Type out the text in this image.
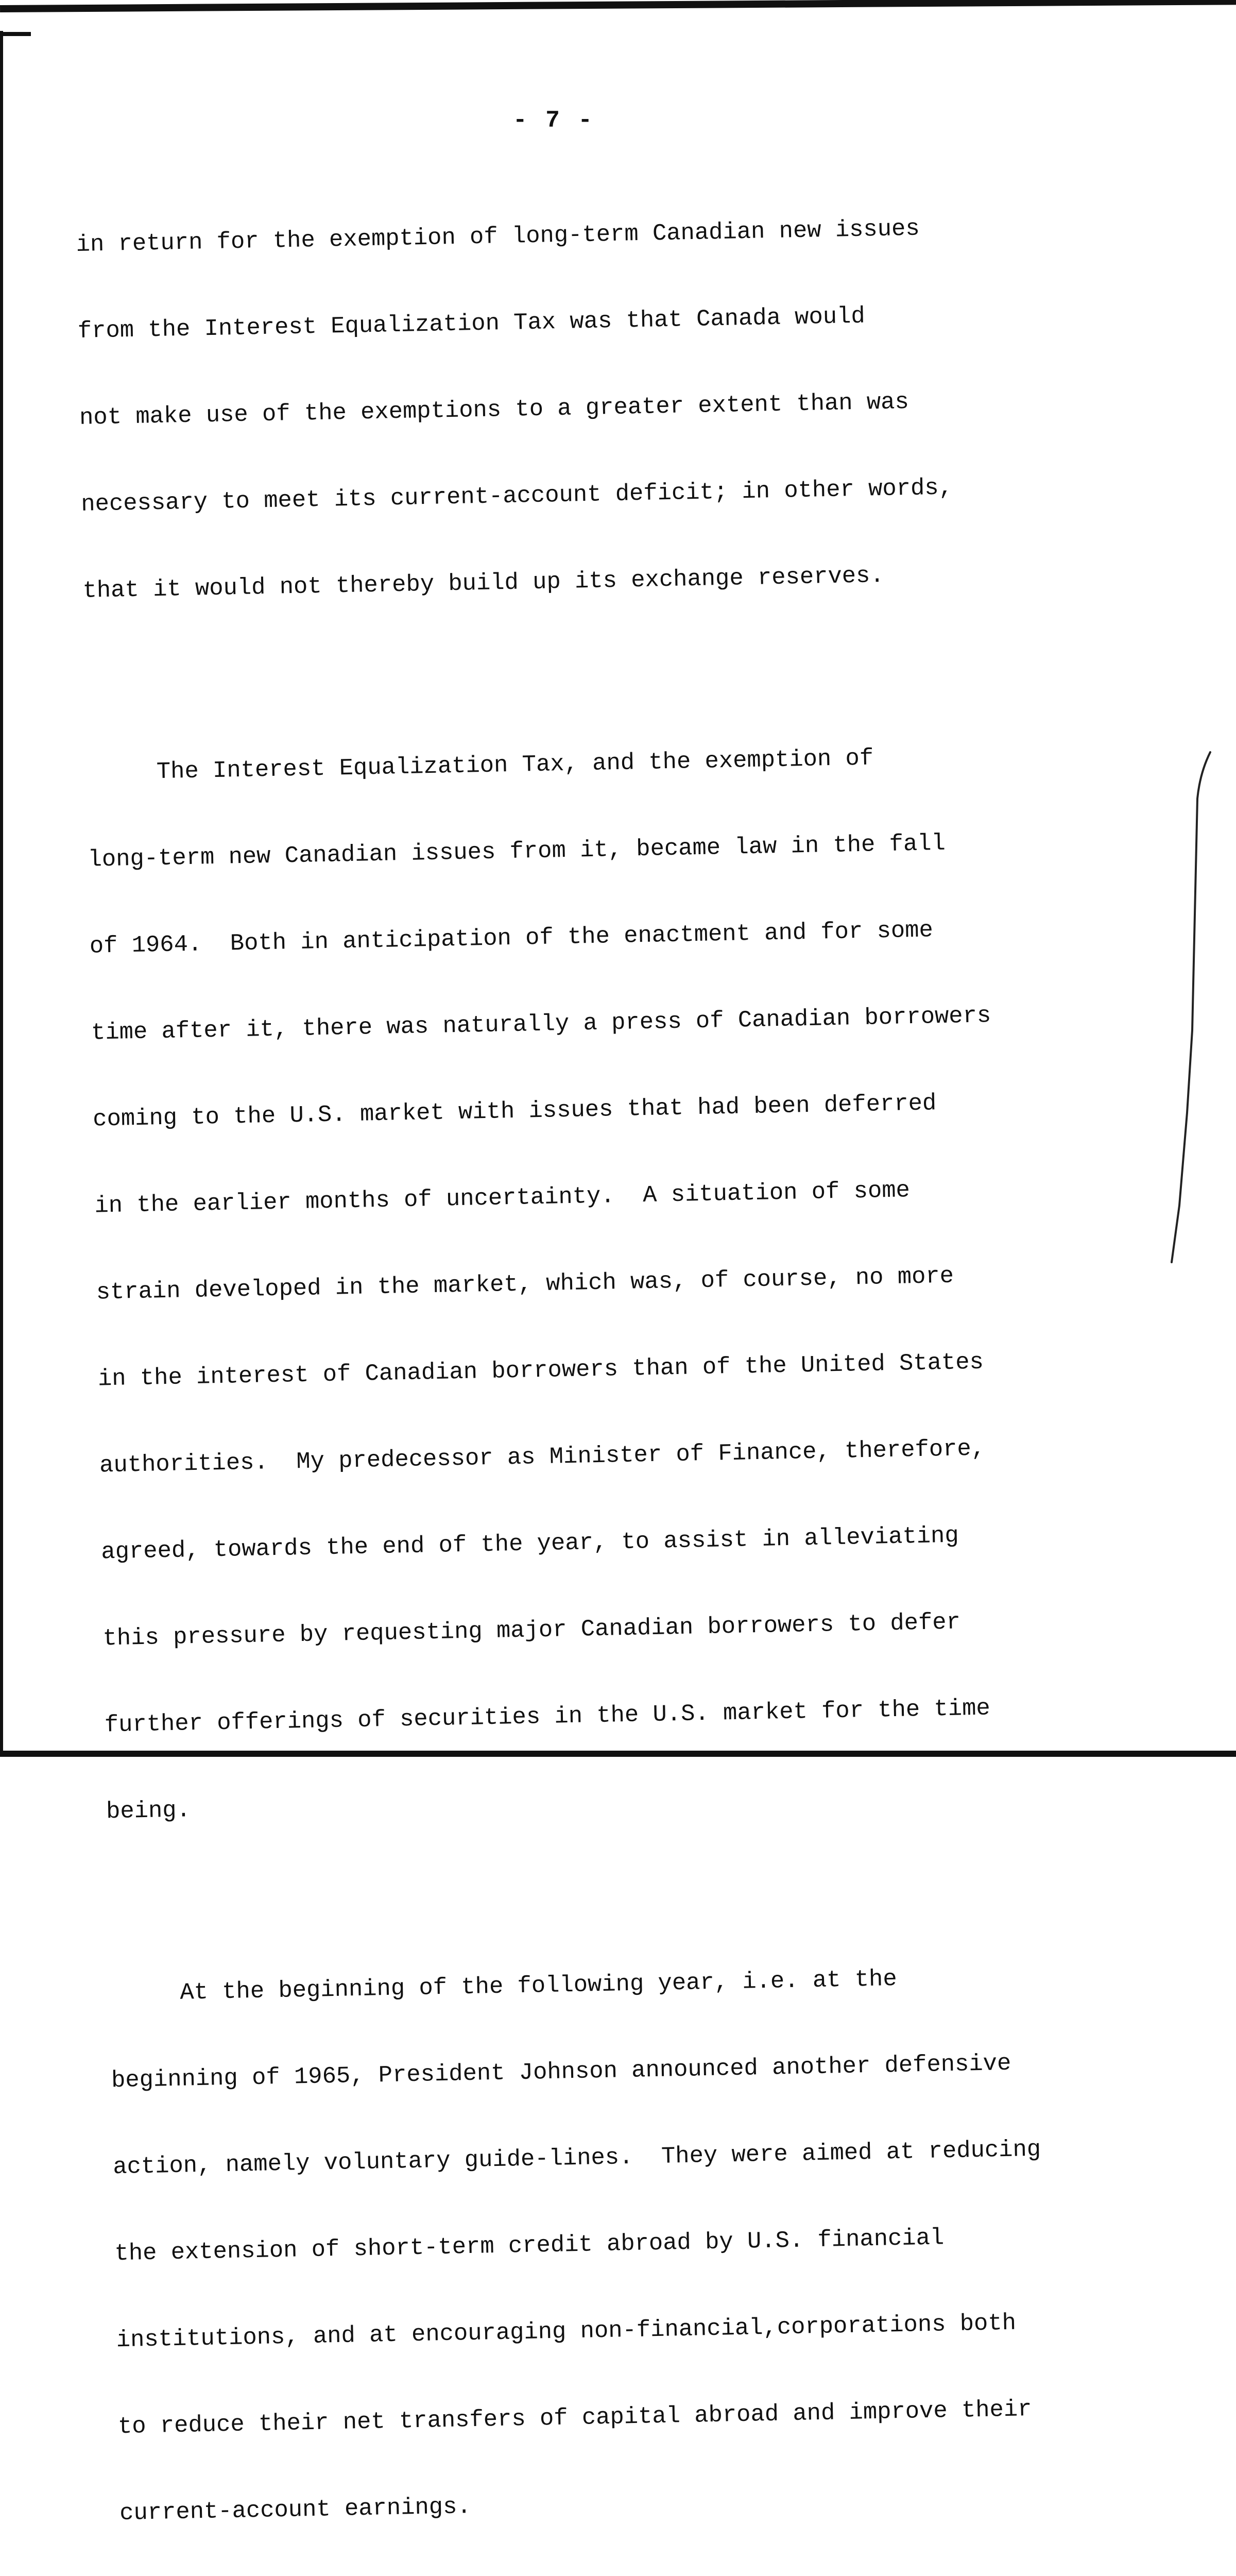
- 7 -

in return for the exemption of long-term Canadian new issues

from the Interest Equalization Tax was that Canada would

not make use of the exemptions to a greater extent than was

necessary to meet its current-account deficit; in other words,

that it would not thereby build up its exchange reserves.

The Interest Equalization Tax, and the exemption of

long-term new Canadian issues from it, became law in the fall

of 1964.  Both in anticipation of the enactment and for some

time after it, there was naturally a press of Canadian borrowers

coming to the U.S. market with issues that had been deferred

in the earlier months of uncertainty.  A situation of some

strain developed in the market, which was, of course, no more

in the interest of Canadian borrowers than of the United States

authorities.  My predecessor as Minister of Finance, therefore,

agreed, towards the end of the year, to assist in alleviating

this pressure by requesting major Canadian borrowers to defer

further offerings of securities in the U.S. market for the time

being.

At the beginning of the following year, i.e. at the

beginning of 1965, President Johnson announced another defensive

action, namely voluntary guide-lines.  They were aimed at reducing

the extension of short-term credit abroad by U.S. financial

institutions, and at encouraging non-financial,corporations both

to reduce their net transfers of capital abroad and improve their

current-account earnings.
